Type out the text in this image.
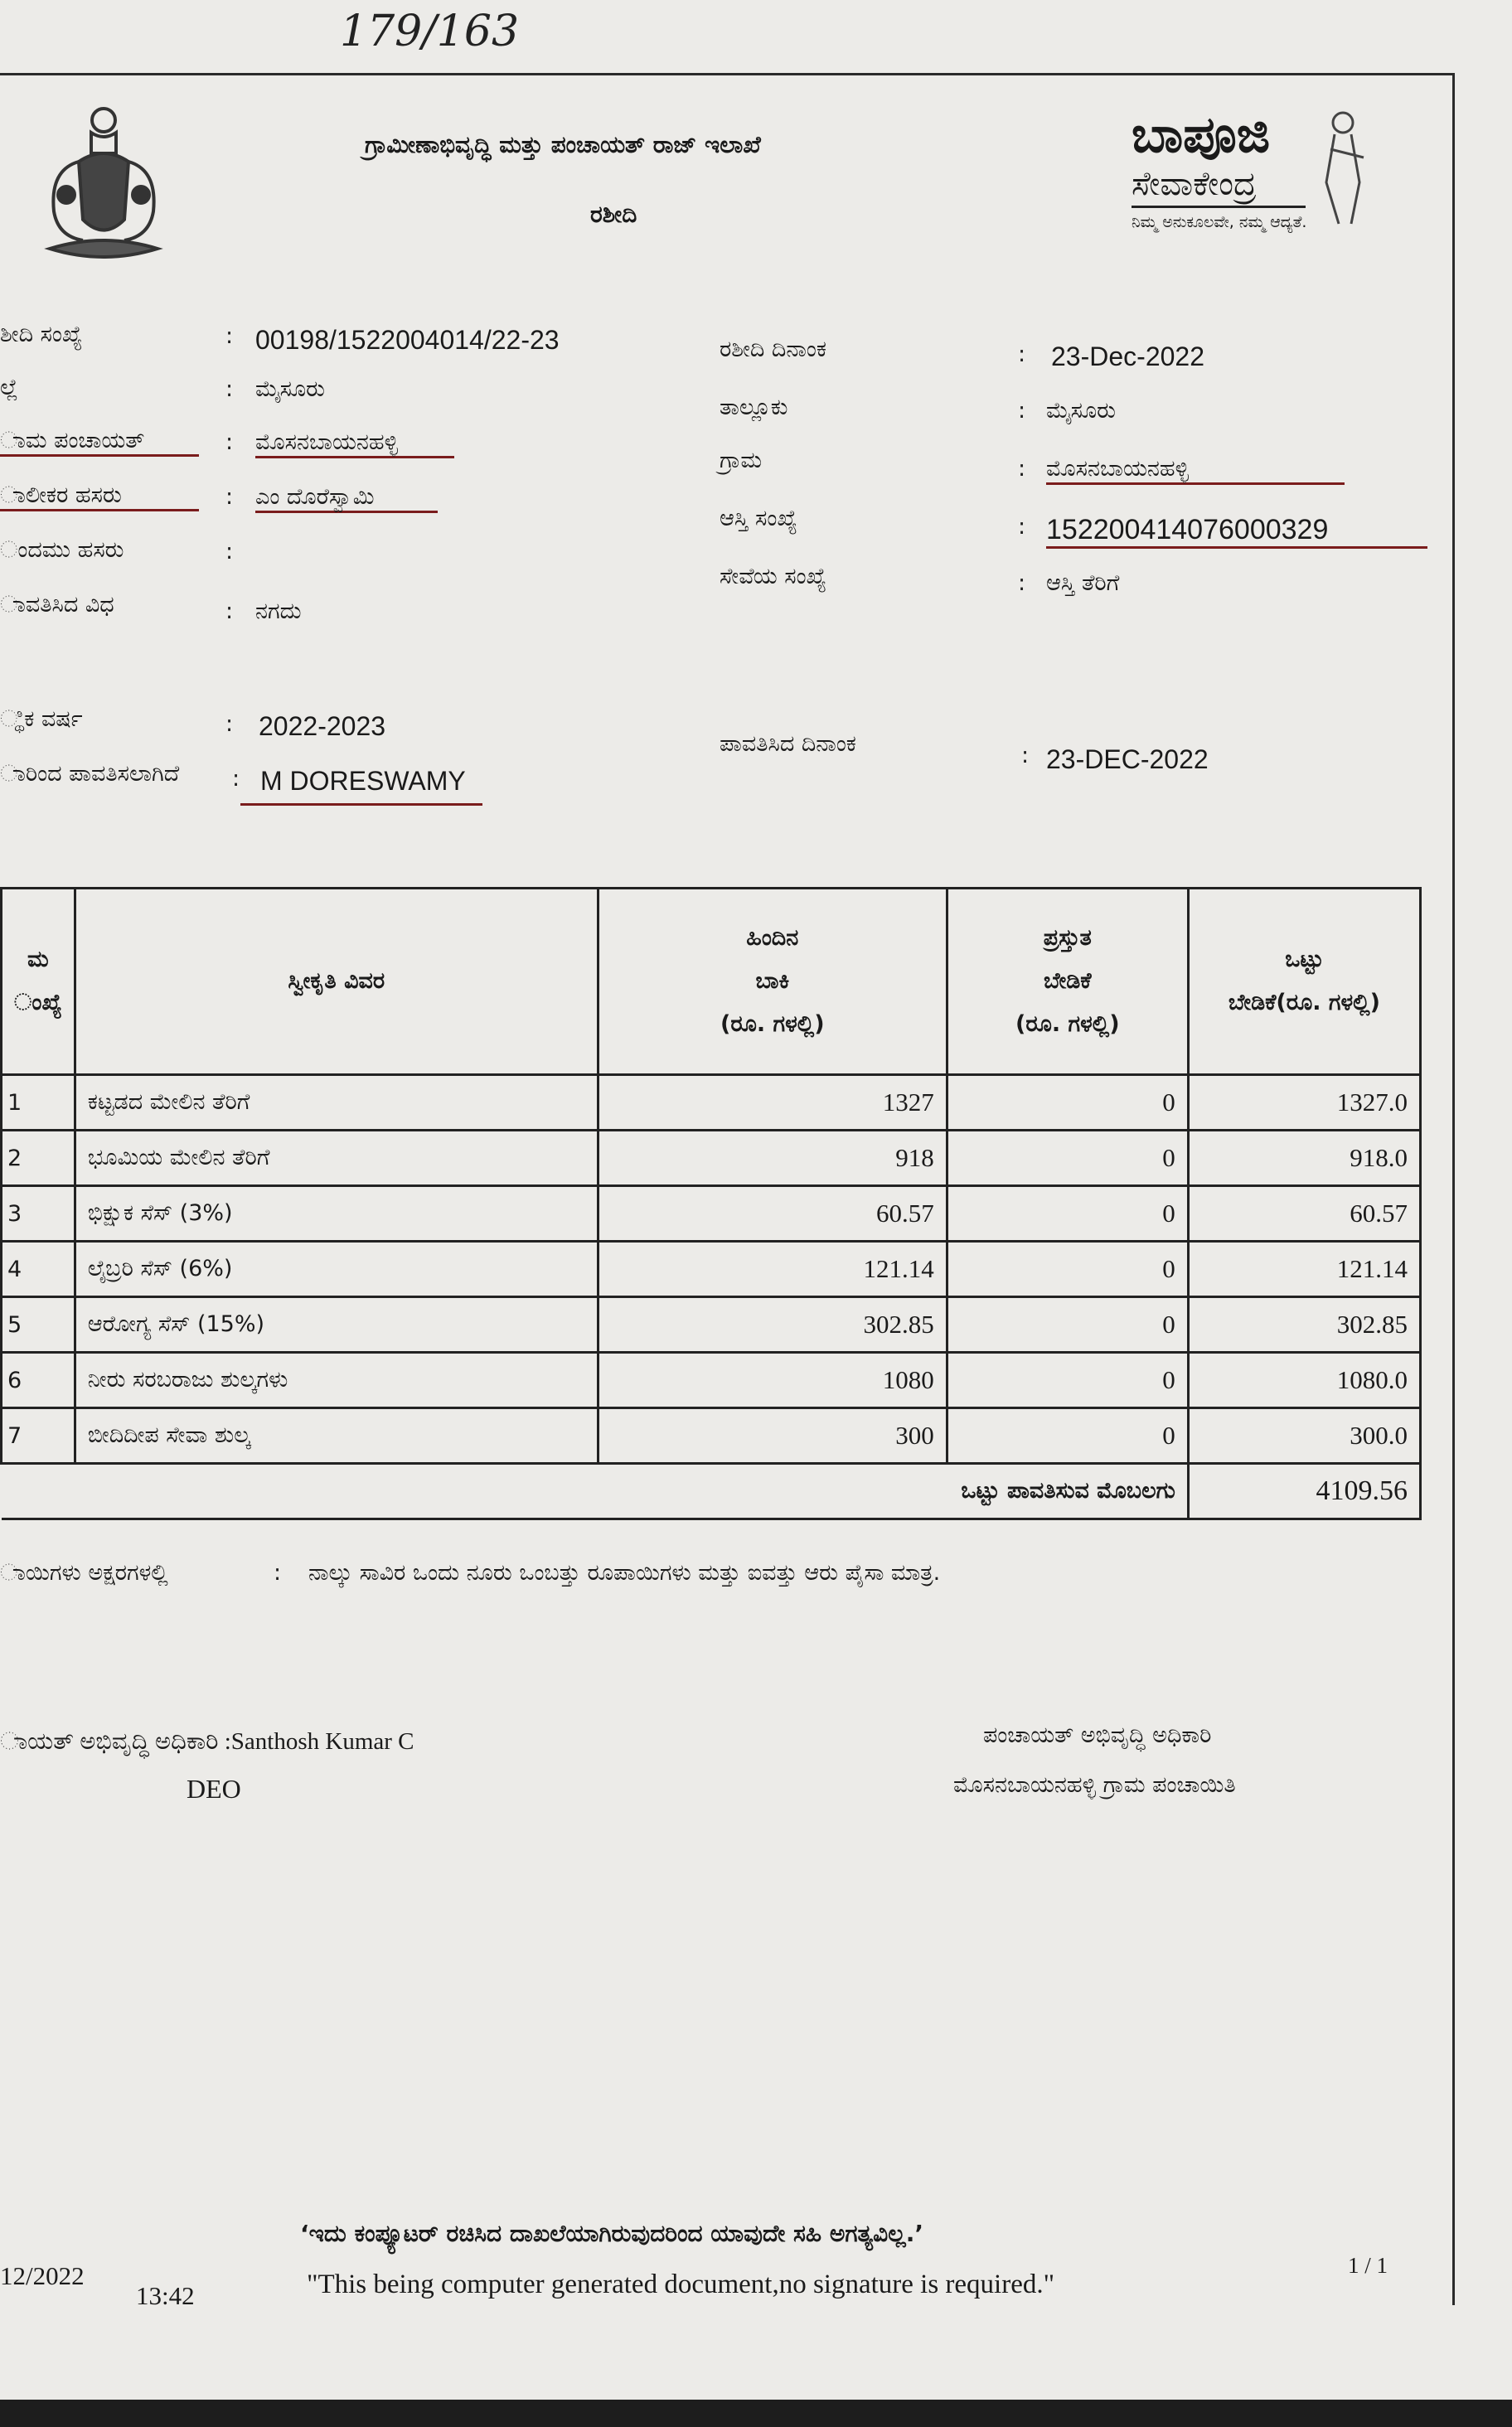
179/163
ಗ್ರಾಮೀಣಾಭಿವೃದ್ಧಿ ಮತ್ತು ಪಂಚಾಯತ್ ರಾಜ್ ಇಲಾಖೆ
ರಶೀದಿ
ಬಾಪೂಜಿ
ಸೇವಾಕೇಂದ್ರ
ನಿಮ್ಮ ಅನುಕೂಲವೇ, ನಮ್ಮ ಆದ್ಯತೆ.
ಶೀದಿ ಸಂಖ್ಯೆ	: 00198/1522004014/22-23
ಲ್ಲೆ	: ಮೈಸೂರು
ಾಮ ಪಂಚಾಯತ್	: ಮೊಸನಬಾಯನಹಳ್ಳಿ
ಾಲೀಕರ ಹಸರು	: ಎಂ ದೊರೆಸ್ವಾಮಿ
ಂದಮು ಹಸರು	:
ಾವತಿಸಿದ ವಿಧ	: ನಗದು
್ಥಿಕ ವರ್ಷ	: 2022-2023
ಾರಿಂದ ಪಾವತಿಸಲಾಗಿದೆ : M DORESWAMY
ರಶೀದಿ ದಿನಾಂಕ	: 23-Dec-2022
ತಾಲ್ಲೂಕು	: ಮೈಸೂರು
ಗ್ರಾಮ	: ಮೊಸನಬಾಯನಹಳ್ಳಿ
ಆಸ್ತಿ ಸಂಖ್ಯೆ	: 152200414076000329
ಸೇವೆಯ ಸಂಖ್ಯೆ	: ಆಸ್ತಿ ತೆರಿಗೆ
ಪಾವತಿಸಿದ ದಿನಾಂಕ	: 23-DEC-2022
ಮ
ಂಖ್ಯೆ	ಸ್ವೀಕೃತಿ ವಿವರ	ಹಿಂದಿನ
ಬಾಕಿ
(ರೂ. ಗಳಲ್ಲಿ)	ಪ್ರಸ್ತುತ
ಬೇಡಿಕೆ
(ರೂ. ಗಳಲ್ಲಿ)	ಒಟ್ಟು
ಬೇಡಿಕೆ(ರೂ. ಗಳಲ್ಲಿ)
1	ಕಟ್ಟಡದ ಮೇಲಿನ ತೆರಿಗೆ	1327	0	1327.0
2	ಭೂಮಿಯ ಮೇಲಿನ ತೆರಿಗೆ	918	0	918.0
3	ಭಿಕ್ಷುಕ ಸೆಸ್ (3%)	60.57	0	60.57
4	ಲೈಬ್ರರಿ ಸೆಸ್ (6%)	121.14	0	121.14
5	ಆರೋಗ್ಯ ಸೆಸ್ (15%)	302.85	0	302.85
6	ನೀರು ಸರಬರಾಜು ಶುಲ್ಕಗಳು	1080	0	1080.0
7	ಬೀದಿದೀಪ ಸೇವಾ ಶುಲ್ಕ	300	0	300.0
ಒಟ್ಟು ಪಾವತಿಸುವ ಮೊಬಲಗು				4109.56
ಾಯಿಗಳು ಅಕ್ಷರಗಳಲ್ಲಿ	: ನಾಲ್ಕು ಸಾವಿರ ಒಂದು ನೂರು ಒಂಬತ್ತು ರೂಪಾಯಿಗಳು ಮತ್ತು ಐವತ್ತು ಆರು ಪೈಸಾ ಮಾತ್ರ.
ಾಯತ್ ಅಭಿವೃದ್ಧಿ ಅಧಿಕಾರಿ :Santhosh Kumar C
DEO
ಪಂಚಾಯತ್ ಅಭಿವೃದ್ಧಿ ಅಧಿಕಾರಿ
ಮೊಸನಬಾಯನಹಳ್ಳಿ ಗ್ರಾಮ ಪಂಚಾಯಿತಿ
‘ಇದು ಕಂಪ್ಯೂಟರ್ ರಚಿಸಿದ ದಾಖಲೆಯಾಗಿರುವುದರಿಂದ ಯಾವುದೇ ಸಹಿ ಅಗತ್ಯವಿಲ್ಲ.’
"This being computer generated document,no signature is required."
12/2022
13:42
1 / 1
